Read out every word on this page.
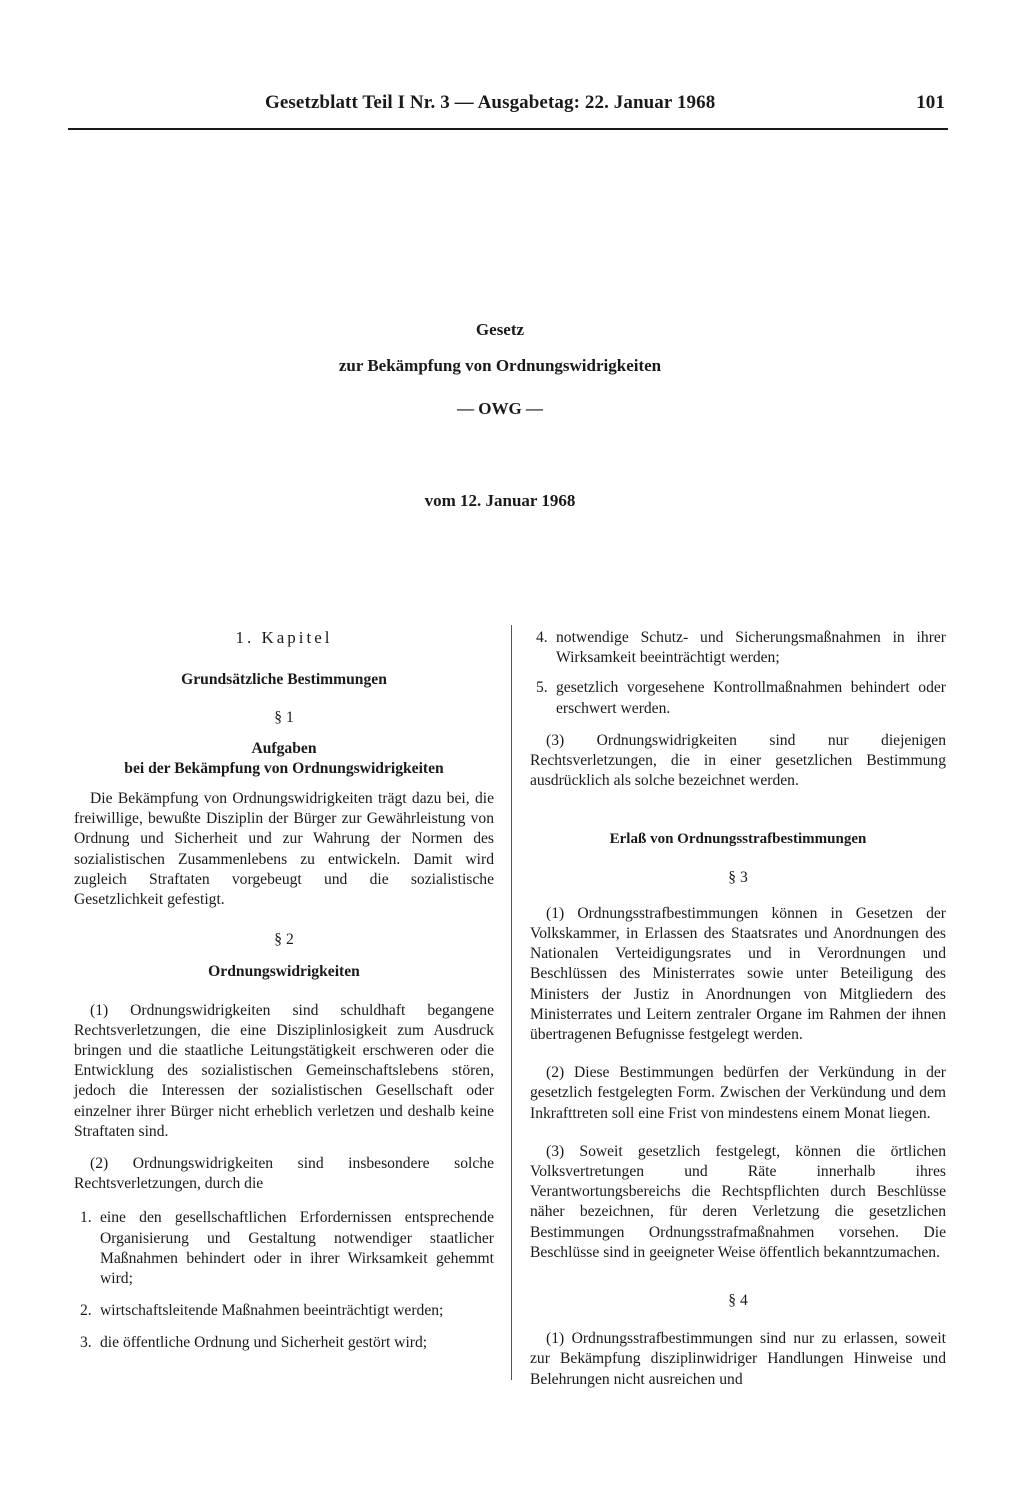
Gesetzblatt Teil I Nr. 3 — Ausgabetag: 22. Januar 1968	101
Gesetz
zur Bekämpfung von Ordnungswidrigkeiten
— OWG —
vom 12. Januar 1968

1. Kapitel

Grundsätzliche Bestimmungen

§ 1

Aufgaben

bei der Bekämpfung von Ordnungswidrigkeiten

Die Bekämpfung von Ordnungswidrigkeiten trägt dazu bei, die freiwillige, bewußte Disziplin der Bürger zur Gewährleistung von Ordnung und Sicherheit und zur Wahrung der Normen des sozialistischen Zusammenlebens zu entwickeln. Damit wird zugleich Straftaten vorgebeugt und die sozialistische Gesetzlichkeit gefestigt.

§ 2

Ordnungswidrigkeiten

(1) Ordnungswidrigkeiten sind schuldhaft begangene Rechtsverletzungen, die eine Disziplinlosigkeit zum Ausdruck bringen und die staatliche Leitungstätigkeit erschweren oder die Entwicklung des sozialistischen Gemeinschaftslebens stören, jedoch die Interessen der sozialistischen Gesellschaft oder einzelner ihrer Bürger nicht erheblich verletzen und deshalb keine Straftaten sind.

(2) Ordnungswidrigkeiten sind insbesondere solche Rechtsverletzungen, durch die

1. eine den gesellschaftlichen Erfordernissen entsprechende Organisierung und Gestaltung notwendiger staatlicher Maßnahmen behindert oder in ihrer Wirksamkeit gehemmt wird;
2. wirtschaftsleitende Maßnahmen beeinträchtigt werden;
3. die öffentliche Ordnung und Sicherheit gestört wird;
4. notwendige Schutz- und Sicherungsmaßnahmen in ihrer Wirksamkeit beeinträchtigt werden;
5. gesetzlich vorgesehene Kontrollmaßnahmen behindert oder erschwert werden.

(3) Ordnungswidrigkeiten sind nur diejenigen Rechtsverletzungen, die in einer gesetzlichen Bestimmung ausdrücklich als solche bezeichnet werden.

Erlaß von Ordnungsstrafbestimmungen

§ 3

(1) Ordnungsstrafbestimmungen können in Gesetzen der Volkskammer, in Erlassen des Staatsrates und Anordnungen des Nationalen Verteidigungsrates und in Verordnungen und Beschlüssen des Ministerrates sowie unter Beteiligung des Ministers der Justiz in Anordnungen von Mitgliedern des Ministerrates und Leitern zentraler Organe im Rahmen der ihnen übertragenen Befugnisse festgelegt werden.

(2) Diese Bestimmungen bedürfen der Verkündung in der gesetzlich festgelegten Form. Zwischen der Verkündung und dem Inkrafttreten soll eine Frist von mindestens einem Monat liegen.

(3) Soweit gesetzlich festgelegt, können die örtlichen Volksvertretungen und Räte innerhalb ihres Verantwortungsbereichs die Rechtspflichten durch Beschlüsse näher bezeichnen, für deren Verletzung die gesetzlichen Bestimmungen Ordnungsstrafmaßnahmen vorsehen. Die Beschlüsse sind in geeigneter Weise öffentlich bekanntzumachen.

§ 4

(1) Ordnungsstrafbestimmungen sind nur zu erlassen, soweit zur Bekämpfung disziplinwidriger Handlungen Hinweise und Belehrungen nicht ausreichen und
